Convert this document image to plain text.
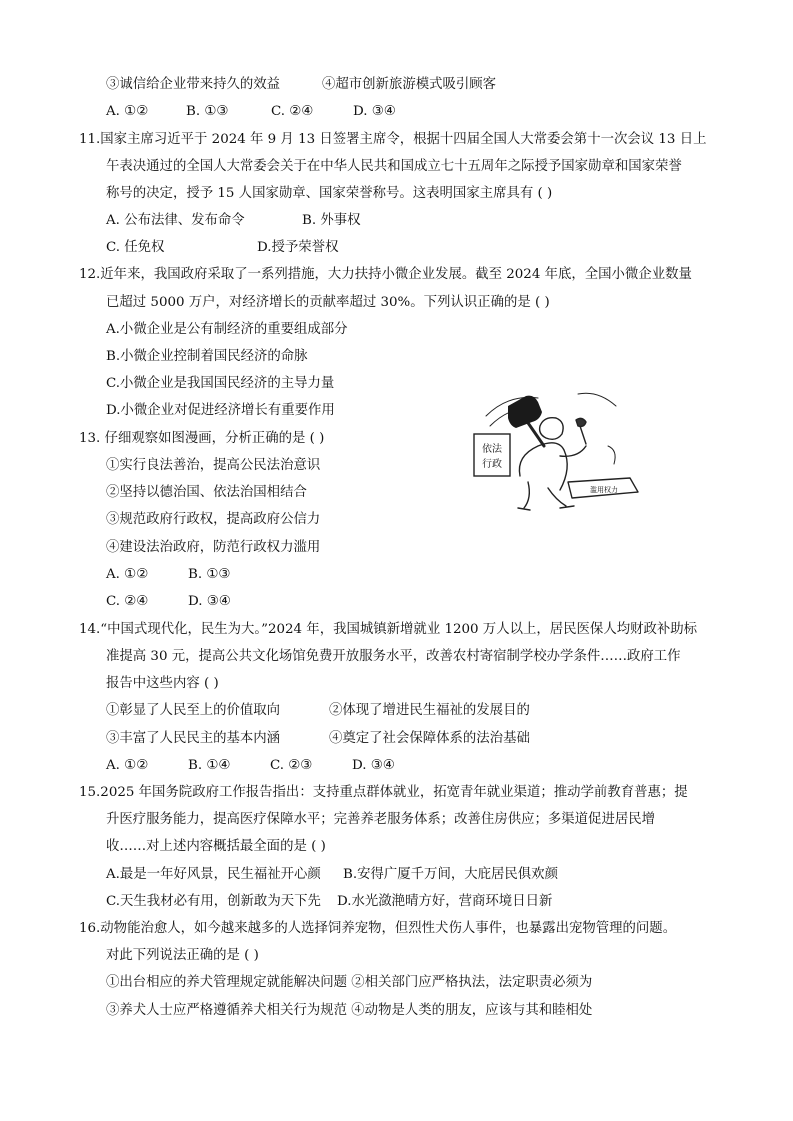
③诚信给企业带来持久的效益	④超市创新旅游模式吸引顾客
A. ①②	B. ①③	C. ②④	D. ③④
11.国家主席习近平于 2024 年 9 月 13 日签署主席令，根据十四届全国人大常委会第十一次会议 13 日上
午表决通过的全国人大常委会关于在中华人民共和国成立七十五周年之际授予国家勋章和国家荣誉
称号的决定，授予 15 人国家勋章、国家荣誉称号。这表明国家主席具有 ( )
A. 公布法律、发布命令	B. 外事权
C. 任免权	D.授予荣誉权
12.近年来，我国政府采取了一系列措施，大力扶持小微企业发展。截至 2024 年底，全国小微企业数量
已超过 5000 万户，对经济增长的贡献率超过 30%。下列认识正确的是 ( )
A.小微企业是公有制经济的重要组成部分
B.小微企业控制着国民经济的命脉
C.小微企业是我国国民经济的主导力量
D.小微企业对促进经济增长有重要作用
13. 仔细观察如图漫画，分析正确的是 ( )
①实行良法善治，提高公民法治意识
②坚持以德治国、依法治国相结合
③规范政府行政权，提高政府公信力
④建设法治政府，防范行政权力滥用
A. ①②	B. ①③
C. ②④	D. ③④
依法
行政
滥用权力
14.“中国式现代化，民生为大。”2024 年，我国城镇新增就业 1200 万人以上，居民医保人均财政补助标
准提高 30 元，提高公共文化场馆免费开放服务水平，改善农村寄宿制学校办学条件……政府工作
报告中这些内容 ( )
①彰显了人民至上的价值取向	②体现了增进民生福祉的发展目的
③丰富了人民民主的基本内涵	④奠定了社会保障体系的法治基础
A. ①②	B. ①④	C. ②③	D. ③④
15.2025 年国务院政府工作报告指出：支持重点群体就业，拓宽青年就业渠道；推动学前教育普惠；提
升医疗服务能力，提高医疗保障水平；完善养老服务体系；改善住房供应；多渠道促进居民增
收……对上述内容概括最全面的是 ( )
A.最是一年好风景，民生福祉开心颜 B.安得广厦千万间，大庇居民俱欢颜
C.天生我材必有用，创新敢为天下先 D.水光潋滟晴方好，营商环境日日新
16.动物能治愈人，如今越来越多的人选择饲养宠物，但烈性犬伤人事件，也暴露出宠物管理的问题。
对此下列说法正确的是 ( )
①出台相应的养犬管理规定就能解决问题 ②相关部门应严格执法，法定职责必须为
③养犬人士应严格遵循养犬相关行为规范 ④动物是人类的朋友，应该与其和睦相处
